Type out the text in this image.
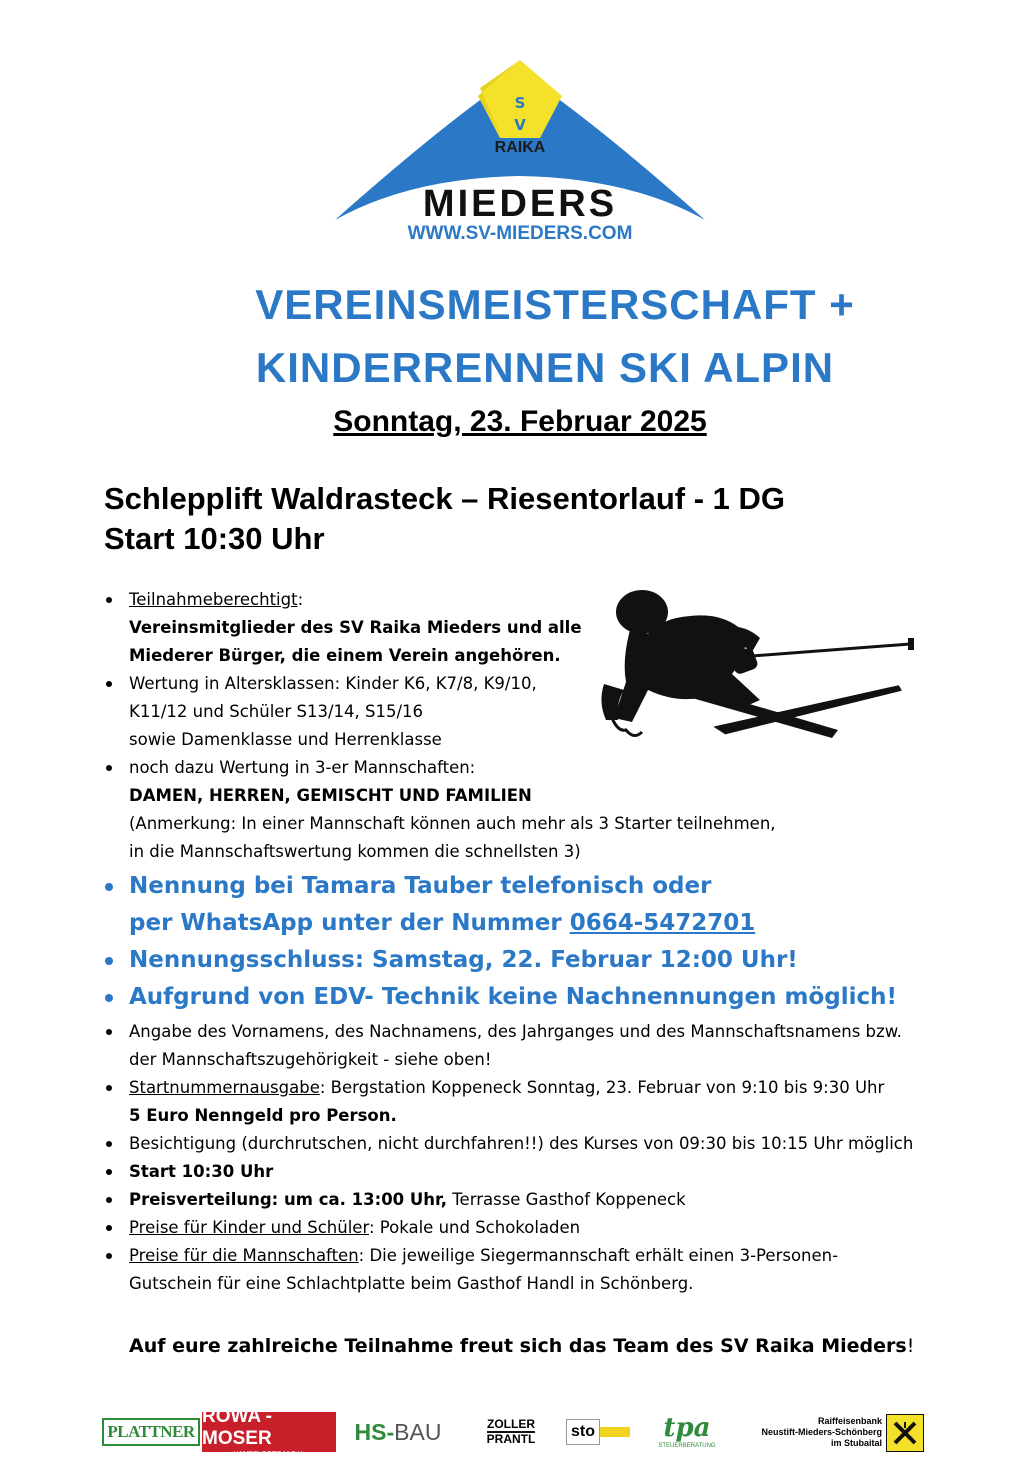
S
V
RAIKA
MIEDERS
WWW.SV-MIEDERS.COM
VEREINSMEISTERSCHAFT +
KINDERRENNEN SKI ALPIN
Sonntag, 23. Februar 2025
Schlepplift Waldrasteck – Riesentorlauf - 1 DG
Start 10:30 Uhr
Teilnahmeberechtigt:
Vereinsmitglieder des SV Raika Mieders und alle
Miederer Bürger, die einem Verein angehören.
Wertung in Altersklassen: Kinder K6, K7/8, K9/10,
K11/12 und Schüler S13/14, S15/16
sowie Damenklasse und Herrenklasse
noch dazu Wertung in 3-er Mannschaften:
DAMEN, HERREN, GEMISCHT UND FAMILIEN
(Anmerkung: In einer Mannschaft können auch mehr als 3 Starter teilnehmen,
in die Mannschaftswertung kommen die schnellsten 3)
Nennung bei Tamara Tauber telefonisch oder
per WhatsApp unter der Nummer 0664-5472701
Nennungsschluss: Samstag, 22. Februar 12:00 Uhr!
Aufgrund von EDV- Technik keine Nachnennungen möglich!
Angabe des Vornamens, des Nachnamens, des Jahrganges und des Mannschaftsnamens bzw.
der Mannschaftszugehörigkeit - siehe oben!
Startnummernausgabe: Bergstation Koppeneck Sonntag, 23. Februar von 9:10 bis 9:30 Uhr
5 Euro Nenngeld pro Person.
Besichtigung (durchrutschen, nicht durchfahren!!) des Kurses von 09:30 bis 10:15 Uhr möglich
Start 10:30 Uhr
Preisverteilung: um ca. 13:00 Uhr, Terrasse Gasthof Koppeneck
Preise für Kinder und Schüler: Pokale und Schokoladen
Preise für die Mannschaften: Die jeweilige Siegermannschaft erhält einen 3-Personen-
Gutschein für eine Schlachtplatte beim Gasthof Handl in Schönberg.
Auf eure zahlreiche Teilnahme freut sich das Team des SV Raika Mieders!
PLATTNER
ROWA - MOSER
HANDELSGES.M.B.H.
HS- BAU	ZOLLER
PRANTL	sto	tpa
STEUERBERATUNG
Raiffeisenbank
Neustift-Mieders-Schönberg
im Stubaital
